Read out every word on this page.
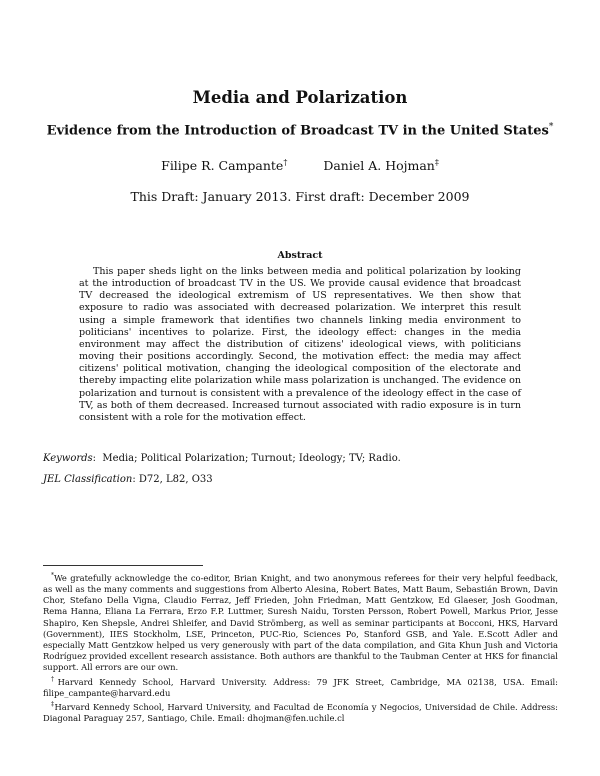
Media and Polarization
Evidence from the Introduction of Broadcast TV in the United States*
Filipe R. Campante†	Daniel A. Hojman‡
This Draft: January 2013. First draft: December 2009
Abstract

This paper sheds light on the links between media and political polarization by looking at the introduction of broadcast TV in the US. We provide causal evidence that broadcast TV decreased the ideological extremism of US representatives. We then show that exposure to radio was associated with decreased polarization. We interpret this result using a simple framework that identifies two channels linking media environment to politicians' incentives to polarize. First, the ideology effect: changes in the media environment may affect the distribution of citizens' ideological views, with politicians moving their positions accordingly. Second, the motivation effect: the media may affect citizens' political motivation, changing the ideological composition of the electorate and thereby impacting elite polarization while mass polarization is unchanged. The evidence on polarization and turnout is consistent with a prevalence of the ideology effect in the case of TV, as both of them decreased. Increased turnout associated with radio exposure is in turn consistent with a role for the motivation effect.

Keywords:  Media; Political Polarization; Turnout; Ideology; TV; Radio.
JEL Classification: D72, L82, O33

*We gratefully acknowledge the co-editor, Brian Knight, and two anonymous referees for their very helpful feedback, as well as the many comments and suggestions from Alberto Alesina, Robert Bates, Matt Baum, Sebastián Brown, Davin Chor, Stefano Della Vigna, Claudio Ferraz, Jeff Frieden, John Friedman, Matt Gentzkow, Ed Glaeser, Josh Goodman, Rema Hanna, Eliana La Ferrara, Erzo F.P. Luttmer, Suresh Naidu, Torsten Persson, Robert Powell, Markus Prior, Jesse Shapiro, Ken Shepsle, Andrei Shleifer, and David Strömberg, as well as seminar participants at Bocconi, HKS, Harvard (Government), IIES Stockholm, LSE, Princeton, PUC-Rio, Sciences Po, Stanford GSB, and Yale. E.Scott Adler and especially Matt Gentzkow helped us very generously with part of the data compilation, and Gita Khun Jush and Victoria Rodríguez provided excellent research assistance. Both authors are thankful to the Taubman Center at HKS for financial support. All errors are our own.

†Harvard Kennedy School, Harvard University. Address: 79 JFK Street, Cambridge, MA 02138, USA. Email: filipe_campante@harvard.edu

‡Harvard Kennedy School, Harvard University, and Facultad de Economía y Negocios, Universidad de Chile. Address: Diagonal Paraguay 257, Santiago, Chile. Email: dhojman@fen.uchile.cl
